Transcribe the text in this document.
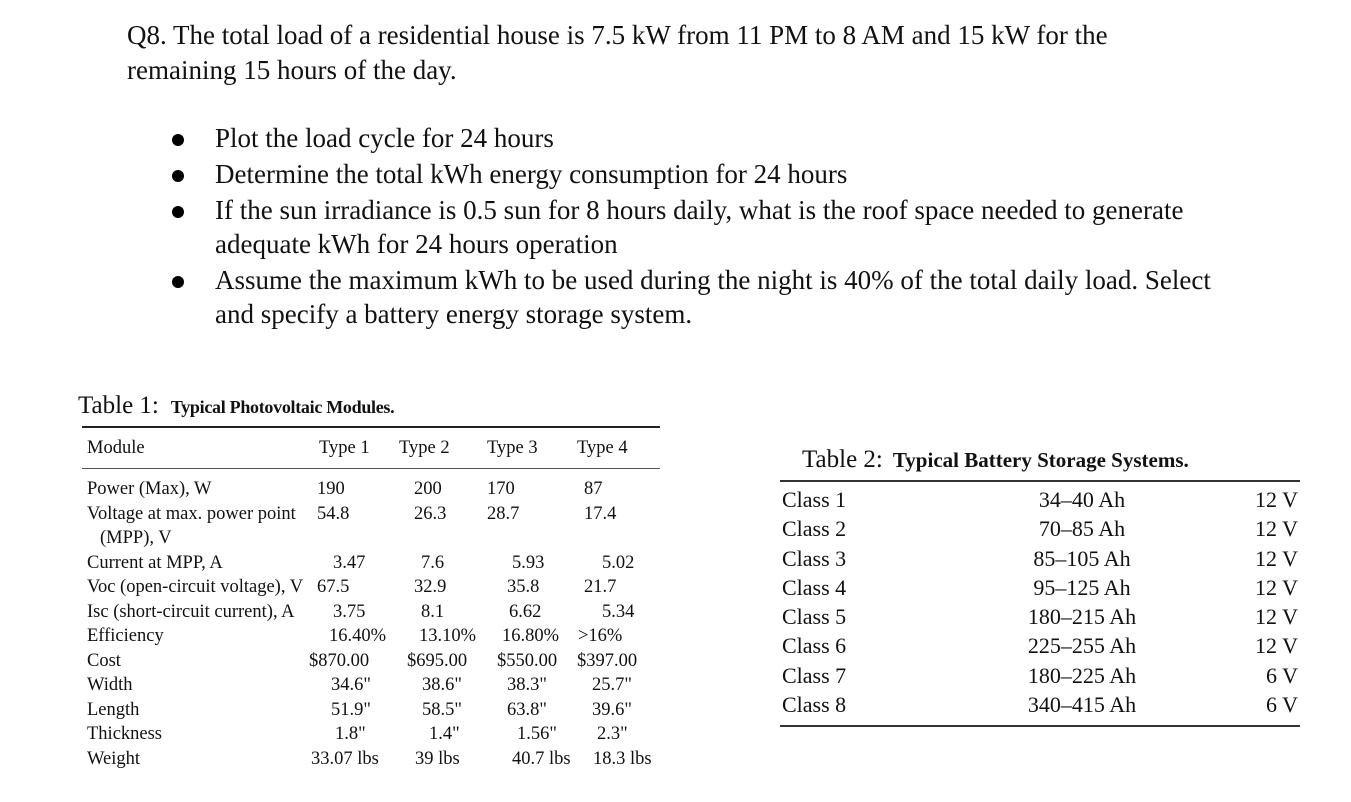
Q8. The total load of a residential house is 7.5 kW from 11 PM to 8 AM and 15 kW for the
remaining 15 hours of the day.
Plot the load cycle for 24 hours
Determine the total kWh energy consumption for 24 hours
If the sun irradiance is 0.5 sun for 8 hours daily, what is the roof space needed to generate
adequate kWh for 24 hours operation
Assume the maximum kWh to be used during the night is 40% of the total daily load. Select
and specify a battery energy storage system.
Table 1: Typical Photovoltaic Modules.
Module	Type 1	Type 2	Type 3	Type 4
Power (Max), W	190	200	170	87
Voltage at max. power point	54.8	26.3	28.7	17.4
(MPP), V
Current at MPP, A	3.47	7.6	5.93	5.02
Voc (open-circuit voltage), V 67.5	32.9	35.8	21.7
Isc (short-circuit current), A	3.75	8.1	6.62	5.34
Efficiency	16.40%	13.10%	16.80%	>16%
Cost	$870.00	$695.00	$550.00	$397.00
Width	34.6"	38.6"	38.3"	25.7"
Length	51.9"	58.5"	63.8"	39.6"
Thickness	1.8"	1.4"	1.56"	2.3"
Weight	33.07 lbs	39 lbs	40.7 lbs	18.3 lbs
Table 2: Typical Battery Storage Systems.
Class 1	34–40 Ah	12 V
Class 2	70–85 Ah	12 V
Class 3	85–105 Ah	12 V
Class 4	95–125 Ah	12 V
Class 5	180–215 Ah	12 V
Class 6	225–255 Ah	12 V
Class 7	180–225 Ah	6 V
Class 8	340–415 Ah	6 V
